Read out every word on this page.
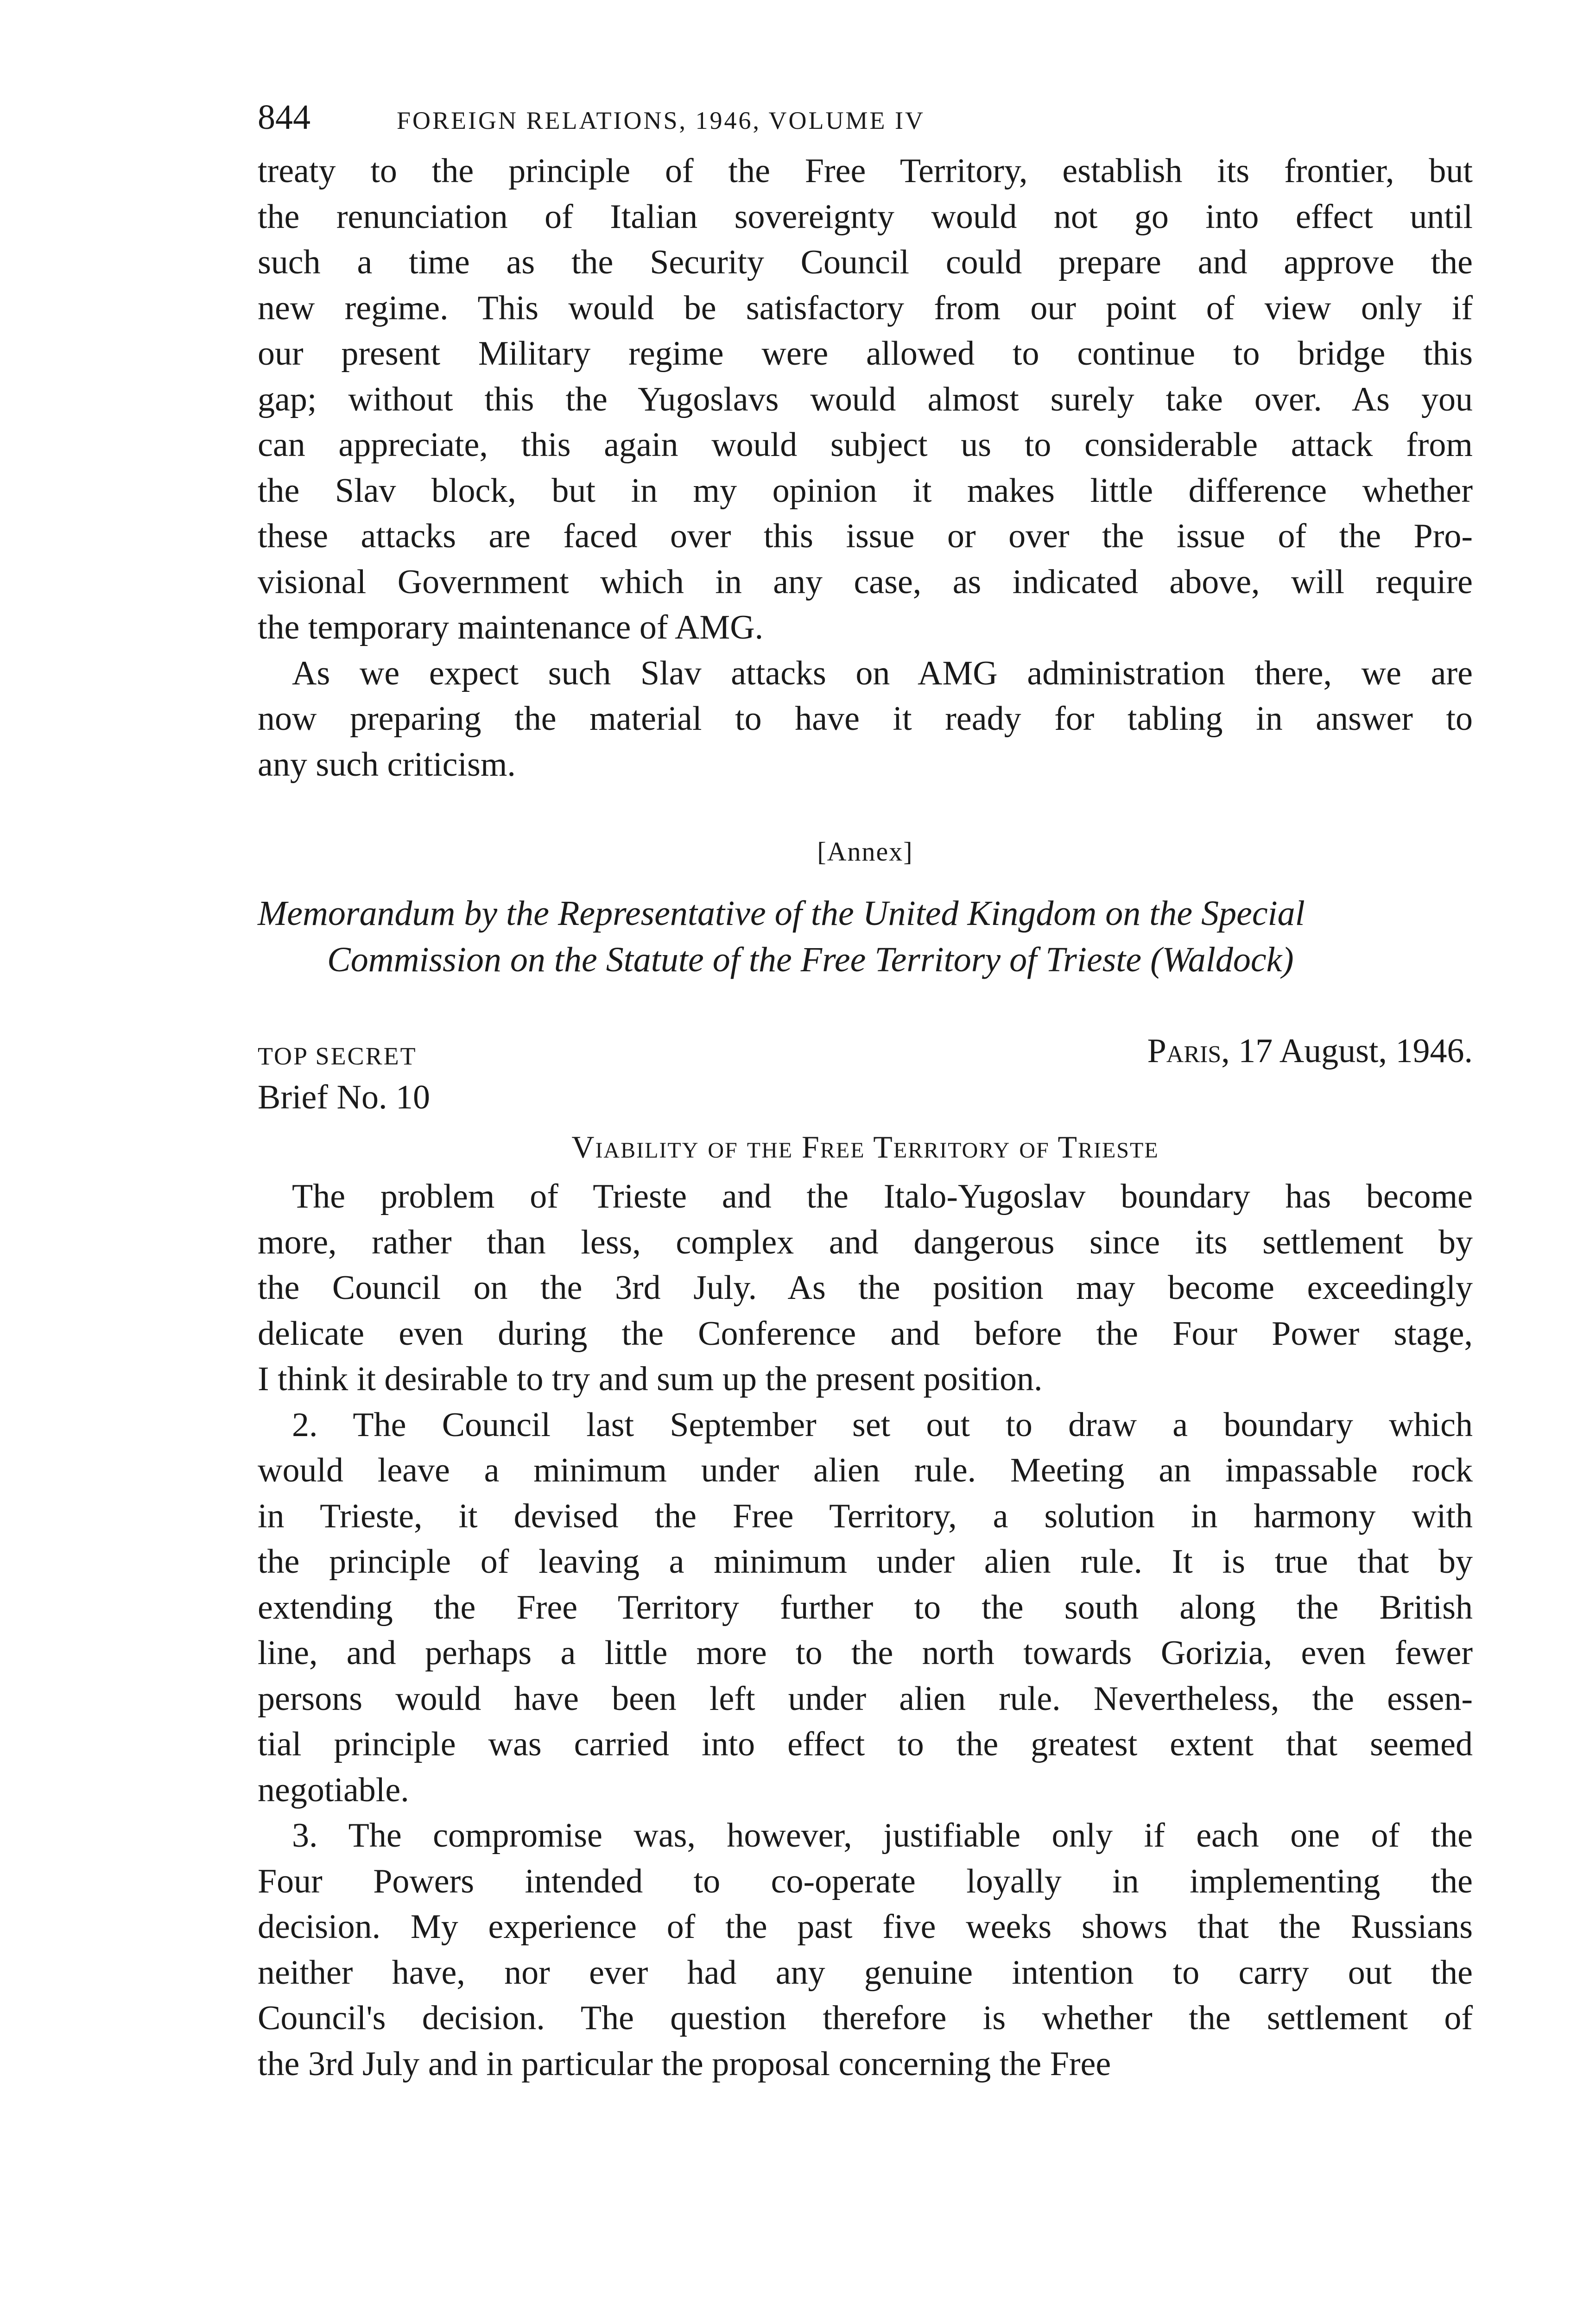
844	FOREIGN RELATIONS, 1946, VOLUME IV
treaty to the principle of the Free Territory, establish its frontier, but
the renunciation of Italian sovereignty would not go into effect until
such a time as the Security Council could prepare and approve the
new regime. This would be satisfactory from our point of view only if
our present Military regime were allowed to continue to bridge this
gap; without this the Yugoslavs would almost surely take over. As you
can appreciate, this again would subject us to considerable attack from
the Slav block, but in my opinion it makes little difference whether
these attacks are faced over this issue or over the issue of the Pro-
visional Government which in any case, as indicated above, will require
the temporary maintenance of AMG.
As we expect such Slav attacks on AMG administration there, we are
now preparing the material to have it ready for tabling in answer to
any such criticism.
[Annex]

Memorandum by the Representative of the United Kingdom on the Special Commission on the Statute of the Free Territory of Trieste (Waldock)

TOP SECRET	Paris, 17 August, 1946.
Brief No. 10
Viability of the Free Territory of Trieste
The problem of Trieste and the Italo-Yugoslav boundary has become
more, rather than less, complex and dangerous since its settlement by
the Council on the 3rd July. As the position may become exceedingly
delicate even during the Conference and before the Four Power stage,
I think it desirable to try and sum up the present position.
2. The Council last September set out to draw a boundary which
would leave a minimum under alien rule. Meeting an impassable rock
in Trieste, it devised the Free Territory, a solution in harmony with
the principle of leaving a minimum under alien rule. It is true that by
extending the Free Territory further to the south along the British
line, and perhaps a little more to the north towards Gorizia, even fewer
persons would have been left under alien rule. Nevertheless, the essen-
tial principle was carried into effect to the greatest extent that seemed
negotiable.
3. The compromise was, however, justifiable only if each one of the
Four Powers intended to co-operate loyally in implementing the
decision. My experience of the past five weeks shows that the Russians
neither have, nor ever had any genuine intention to carry out the
Council's decision. The question therefore is whether the settlement of
the 3rd July and in particular the proposal concerning the Free
